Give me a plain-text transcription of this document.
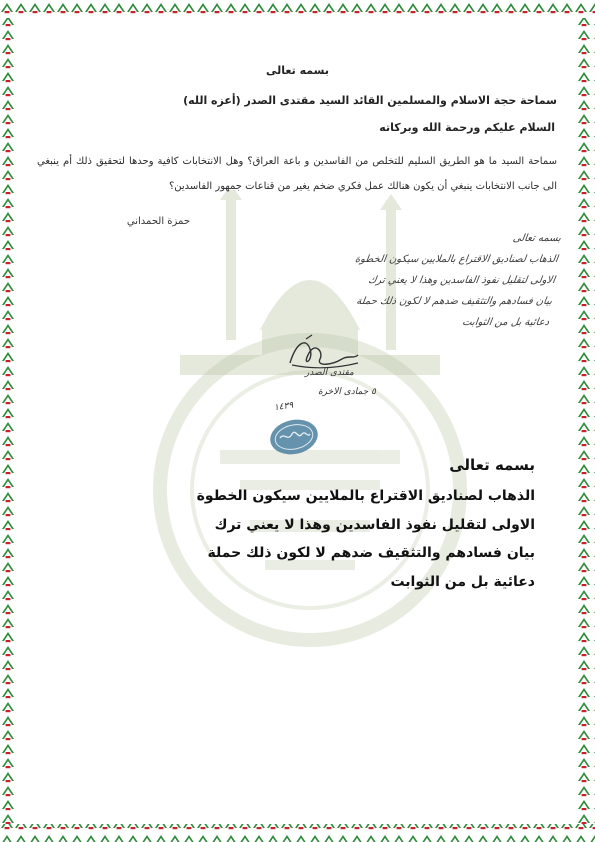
بسمه تعالى
سماحة حجة الاسلام والمسلمين القائد السيد مقتدى الصدر (أعزه الله)
السلام عليكم ورحمة الله وبركاته
سماحة السيد ما هو الطريق السليم للتخلص من الفاسدين و باعة العراق؟ وهل الانتخابات كافية وحدها لتحقيق ذلك أم ينبغي الى جانب الانتخابات ينبغي أن يكون هنالك عمل فكري ضخم يغير من قناعات جمهور الفاسدين؟
حمزة الحمداني
بسمه تعالى
الذهاب لصناديق الاقتراع بالملايين سيكون الخطوة
الاولى لتقليل نفوذ الفاسدين وهذا لا يعني ترك
بيان فسادهم والتثقيف ضدهم لا لكون ذلك حملة
دعائية بل من الثوابت
مقتدى الصدر
٥ جمادى الاخرة
١٤٣٩
بسمه تعالى
الذهاب لصناديق الاقتراع بالملايين سيكون الخطوة
الاولى لتقليل نفوذ الفاسدين وهذا لا يعني ترك
بيان فسادهم والتثقيف ضدهم لا لكون ذلك حملة
دعائية بل من الثوابت
